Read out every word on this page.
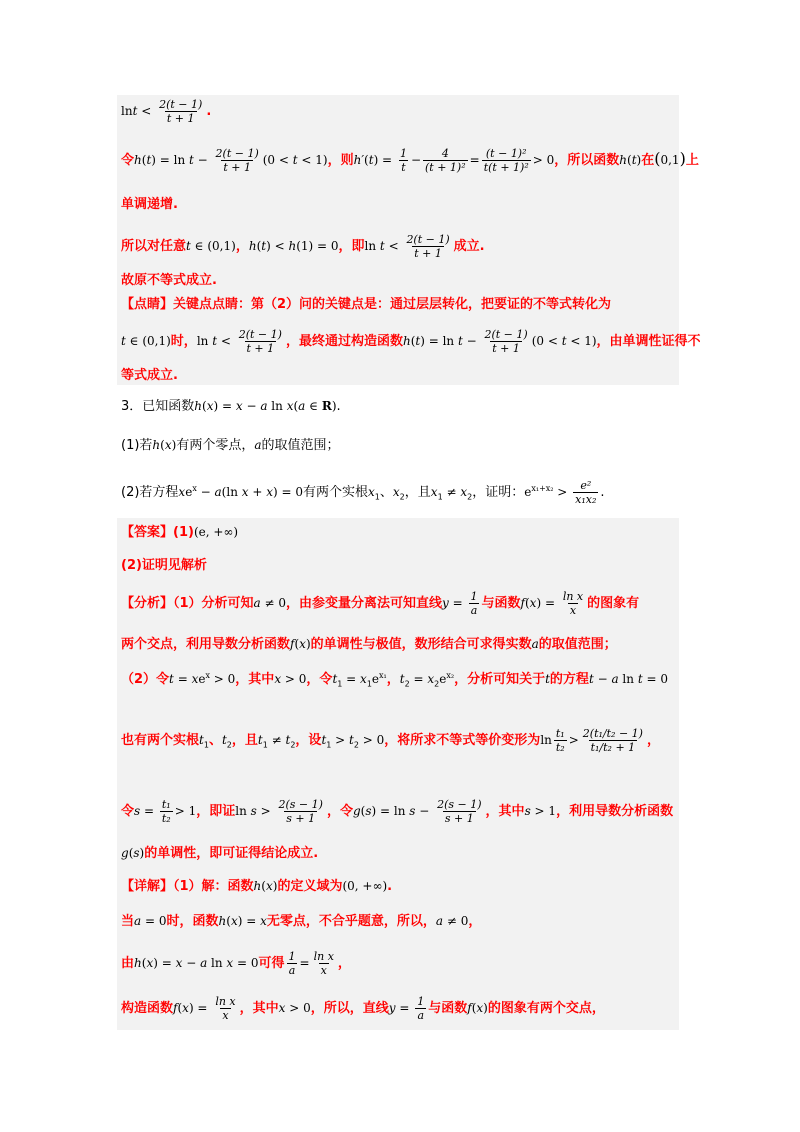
$\ln t < \frac{2(t - 1)}{t + 1}$ .
令$h(t) = \ln t - \frac{2(t - 1)}{t + 1} (0 < t < 1)$，则$h'(t) = \frac{1}{t} - \frac{4}{\text{(t + 1)²}} = \frac{\text{(t − 1)²}}{\text{t(t + 1)²}} > 0$，所以函数h(t)在(0,1)上
单调递增.
所以对任意t ∈ (0,1)，h(t) < h(1) = 0，即$\ln t < \frac{2(t - 1)}{t + 1}$ 成立.
故原不等式成立.
【点睛】关键点点睛：第（2）问的关键点是：通过层层转化，把要证的不等式转化为
t ∈ (0,1)时，$\ln t < \frac{2(t - 1)}{t + 1}$ ，最终通过构造函数$h(t) = \ln t - \frac{2(t - 1)}{t + 1} (0 < t < 1)$，由单调性证得不
等式成立.
3．已知函数h(x) = x − a ln x(a ∈ R).
(1)若h(x)有两个零点，a的取值范围；
(2)若方程$xe^x - a(\ln$ x + x) = 0有两个实根$x_1$、$x_2$，且$x_1 \ne x_2$，证明：$e^{x_1+x_2} > \frac{\text{e²}}{\text{x₁x₂}}$ .
【答案】(1)(e, +∞)
(2)证明见解析
【分析】（1）分析可知a ≠ 0，由参变量分离法可知直线$y = \frac{1}{a}$ 与函数$f(x) = \frac{\text{ln x}}{x}$ 的图象有
两个交点，利用导数分析函数f(x)的单调性与极值，数形结合可求得实数a的取值范围；
（2）令$t = xe^x > 0$，其中x > 0，令$t_1 = x_1e^{x_1}$，$t_2 = x_2e^{x_2}$，分析可知关于t的方程t − a ln t = 0
也有两个实根$t_1$、$t_2$，且$t_1 \ne t_2$，设$t_1 > t_2 > 0$，将所求不等式等价变形为$\ln \frac{\text{t₁}}{\text{t₂}} > \frac{\text{2(t₁/t₂ − 1)}}{\text{t₁/t₂ + 1}}$ ，
令$s = \frac{\text{t₁}}{\text{t₂}} > 1$，即证$\ln s > \frac{2(s - 1)}{s + 1}$ ，令$g(s) = \ln s - \frac{2(s - 1)}{s + 1}$ ，其中s > 1，利用导数分析函数
g(s)的单调性，即可证得结论成立.
【详解】（1）解：函数h(x)的定义域为(0, +∞).
当a = 0时，函数h(x) = x无零点，不合乎题意，所以，a ≠ 0，
由h(x) = x − a ln x = 0可得 $\frac{1}{a} = \frac{\text{ln x}}{x}$ ，
构造函数$f(x) = \frac{\text{ln x}}{x}$ ，其中x > 0，所以，直线$y = \frac{1}{a}$ 与函数f(x)的图象有两个交点，
